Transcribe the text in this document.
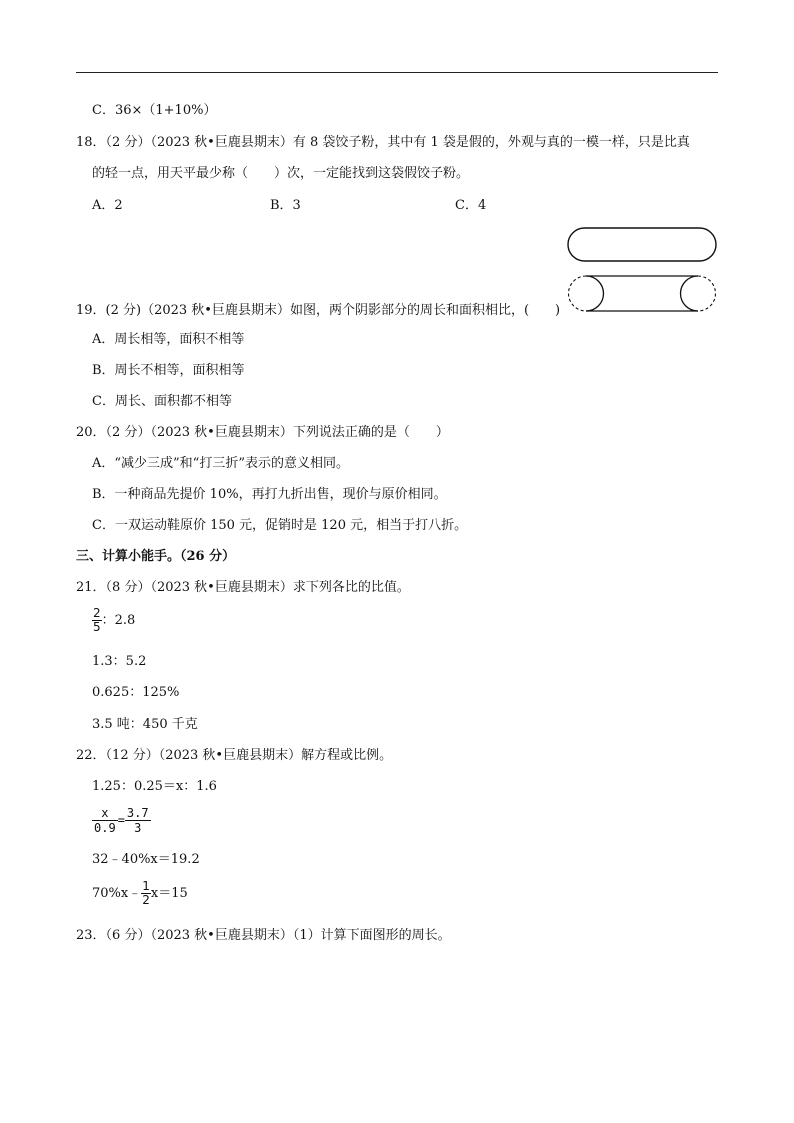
C．36×（1+10%）
18．（2 分）（2023 秋•巨鹿县期末）有 8 袋饺子粉，其中有 1 袋是假的，外观与真的一模一样，只是比真
的轻一点，用天平最少称（　　）次，一定能找到这袋假饺子粉。
A．2	B．3	C．4
19．(2 分)（2023 秋•巨鹿县期末）如图，两个阴影部分的周长和面积相比，(　　)
A．周长相等，面积不相等
B．周长不相等，面积相等
C．周长、面积都不相等
20．（2 分）（2023 秋•巨鹿县期末）下列说法正确的是（　　）
A．“减少三成”和“打三折”表示的意义相同。
B．一种商品先提价 10%，再打九折出售，现价与原价相同。
C．一双运动鞋原价 150 元，促销时是 120 元，相当于打八折。
三、计算小能手。（26 分）
21．（8 分）（2023 秋•巨鹿县期末）求下列各比的比值。
$\frac{2}{5}$ ：2.8
1.3：5.2
0.625：125%
3.5 吨：450 千克
22．（12 分）（2023 秋•巨鹿县期末）解方程或比例。
1.25：0.25＝x：1.6
$\frac{x}{0.9} = \frac{3.7}{3}$
32﹣40%x＝19.2
70%x﹣ $\frac{1}{2} x=15$
23．（6 分）（2023 秋•巨鹿县期末）（1）计算下面图形的周长。
